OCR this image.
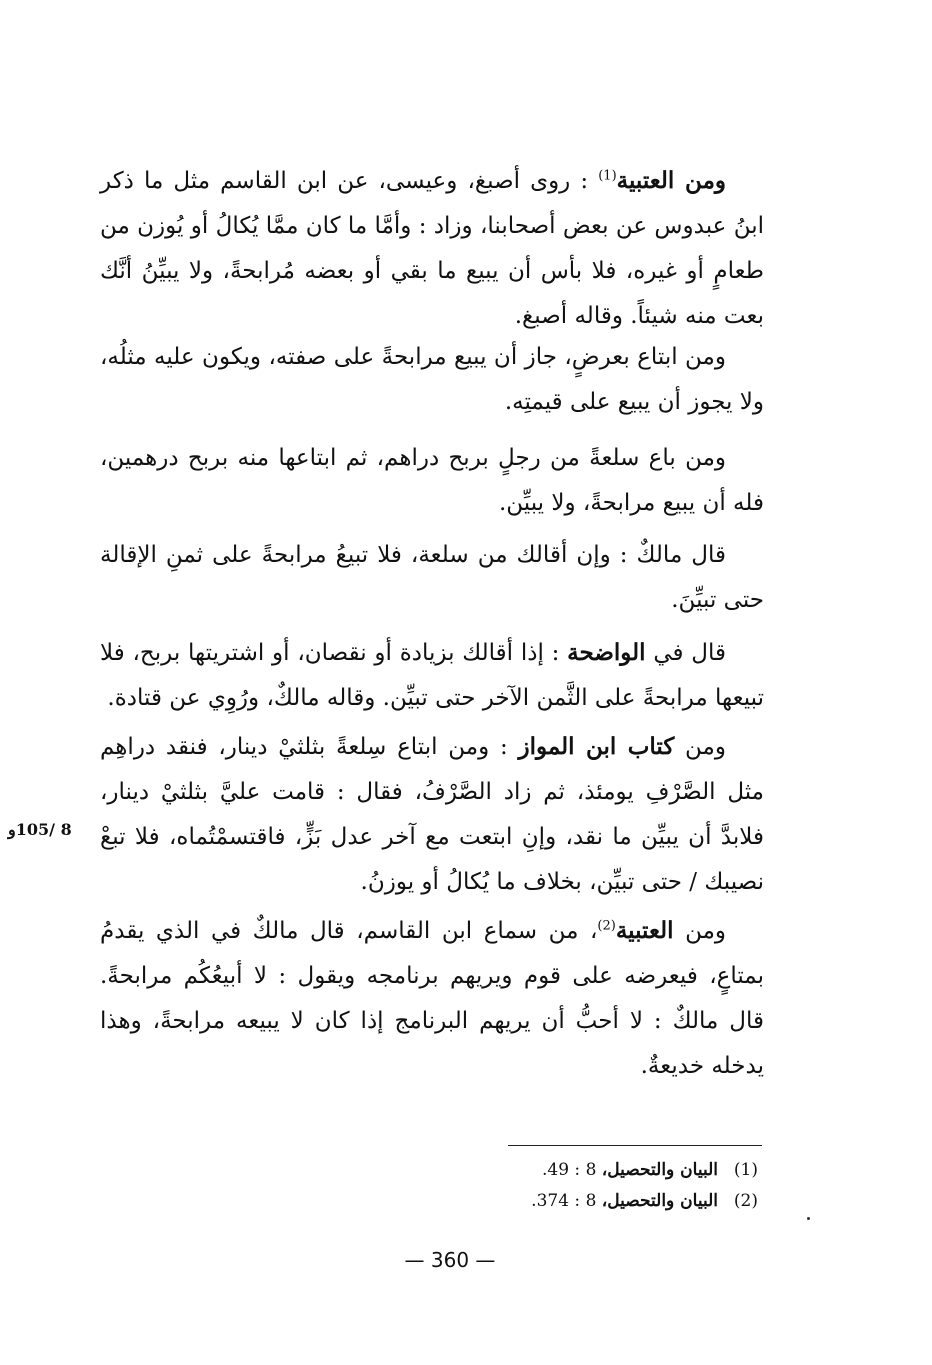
ومن العتبية$^{(1)}$ : روى أصبغ، وعيسى، عن ابن القاسم مثل ما ذكر ابنُ عبدوس عن بعض أصحابنا، وزاد : وأمَّا ما كان ممَّا يُكالُ أو يُوزن من طعامٍ أو غيره، فلا بأس أن يبيع ما بقي أو بعضه مُرابحةً، ولا يبيِّنُ أنَّك بعت منه شيئاً. وقاله أصبغ.

ومن ابتاع بعرضٍ، جاز أن يبيع مرابحةً على صفته، ويكون عليه مثلُه، ولا يجوز أن يبيع على قيمتِه.

ومن باع سلعةً من رجلٍ بربح دراهم، ثم ابتاعها منه بربح درهمين، فله أن يبيع مرابحةً، ولا يبيِّن.

قال مالكٌ : وإن أقالك من سلعة، فلا تبيعُ مرابحةً على ثمنِ الإقالة حتى تبيِّنَ.

قال في الواضحة : إذا أقالك بزيادة أو نقصان، أو اشتريتها بربح، فلا تبيعها مرابحةً على الثَّمن الآخر حتى تبيِّن. وقاله مالكٌ، ورُوِي عن قتادة.

ومن كتاب ابن المواز : ومن ابتاع سِلعةً بثلثيْ دينار، فنقد دراهِم مثل الصَّرْفِ يومئذ، ثم زاد الصَّرْفُ، فقال : قامت عليَّ بثلثيْ دينار، فلابدَّ أن يبيِّن ما نقد، وإنِ ابتعت مع آخر عدل بَزٍّ، فاقتسمْتُماه، فلا تبعْ نصيبك / حتى تبيِّن، بخلاف ما يُكالُ أو يوزنُ.

ومن العتبية$^{(2)}$، من سماع ابن القاسم، قال مالكٌ في الذي يقدمُ بمتاعٍ، فيعرضه على قوم ويريهم برنامجه ويقول : لا أبيعُكُم مرابحةً. قال مالكٌ : لا أحبُّ أن يريهم البرنامج إذا كان لا يبيعه مرابحةً، وهذا يدخله خديعةٌ.

8 /105و

(1)البيان والتحصيل، 8 : 49.

(2)البيان والتحصيل، 8 : 374.

— 360 —
